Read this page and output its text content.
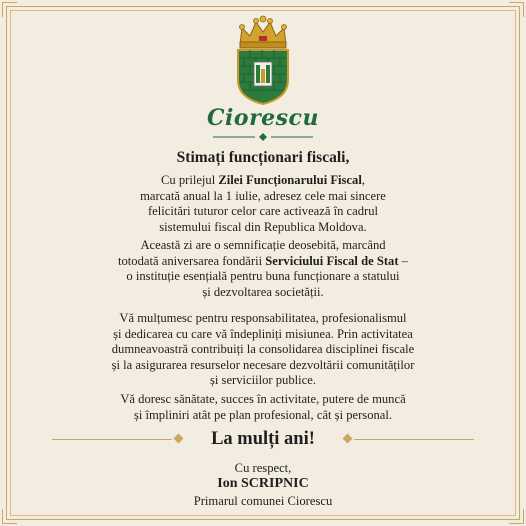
Ciorescu
Stimați funcționari fiscali,
Cu prilejul Zilei Funcționarului Fiscal,
marcată anual la 1 iulie, adresez cele mai sincere
felicitări tuturor celor care activează în cadrul
sistemului fiscal din Republica Moldova.
Această zi are o semnificație deosebită, marcând
totodată aniversarea fondării Serviciului Fiscal de Stat –
o instituție esențială pentru buna funcționare a statului
și dezvoltarea societății.
Vă mulțumesc pentru responsabilitatea, profesionalismul
și dedicarea cu care vă îndepliniți misiunea. Prin activitatea
dumneavoastră contribuiți la consolidarea disciplinei fiscale
și la asigurarea resurselor necesare dezvoltării comunităților
și serviciilor publice.
Vă doresc sănătate, succes în activitate, putere de muncă
și împliniri atât pe plan profesional, cât și personal.
La mulți ani!
Cu respect,
Ion SCRIPNIC
Primarul comunei Ciorescu
